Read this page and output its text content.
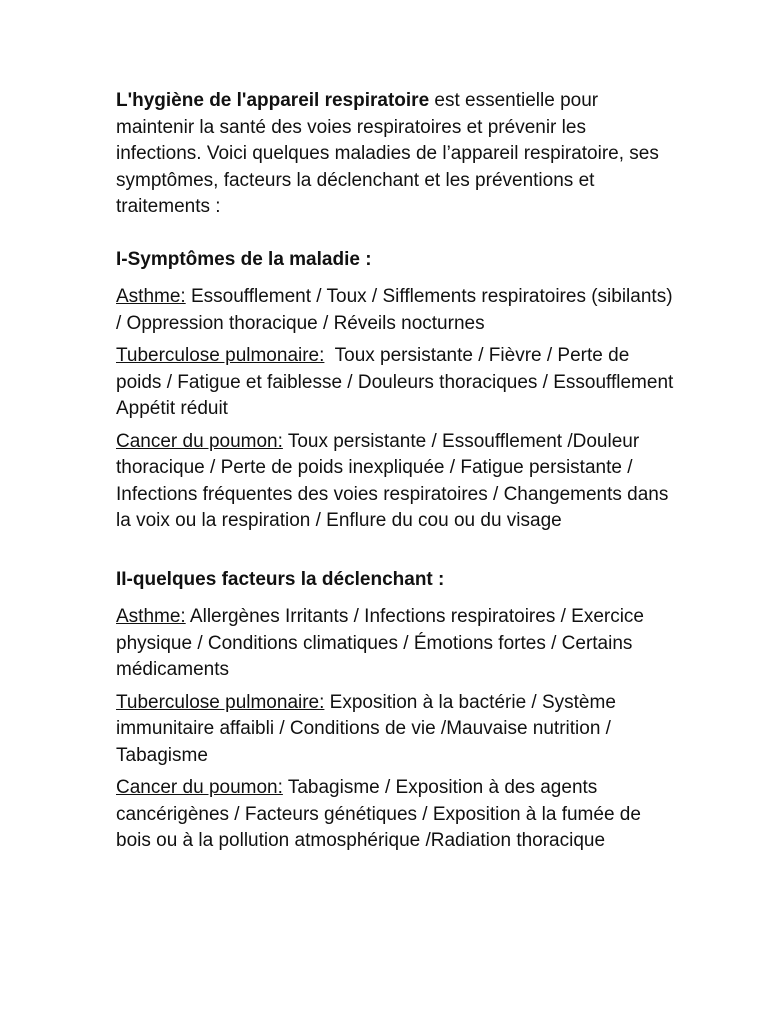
L'hygiène de l'appareil respiratoire est essentielle pour maintenir la santé des voies respiratoires et prévenir les infections. Voici quelques maladies de l’appareil respiratoire, ses symptômes, facteurs la déclenchant et les préventions et traitements :

I-Symptômes de la maladie :

Asthme: Essoufflement / Toux / Sifflements respiratoires (sibilants) / Oppression thoracique / Réveils nocturnes

Tuberculose pulmonaire:  Toux persistante / Fièvre / Perte de poids / Fatigue et faiblesse / Douleurs thoraciques / Essoufflement Appétit réduit

Cancer du poumon: Toux persistante / Essoufflement /Douleur thoracique / Perte de poids inexpliquée / Fatigue persistante / Infections fréquentes des voies respiratoires / Changements dans la voix ou la respiration / Enflure du cou ou du visage

II-quelques facteurs la déclenchant :

Asthme: Allergènes Irritants / Infections respiratoires / Exercice physique / Conditions climatiques / Émotions fortes / Certains médicaments

Tuberculose pulmonaire: Exposition à la bactérie / Système immunitaire affaibli / Conditions de vie /Mauvaise nutrition / Tabagisme

Cancer du poumon: Tabagisme / Exposition à des agents cancérigènes / Facteurs génétiques / Exposition à la fumée de bois ou à la pollution atmosphérique /Radiation thoracique
